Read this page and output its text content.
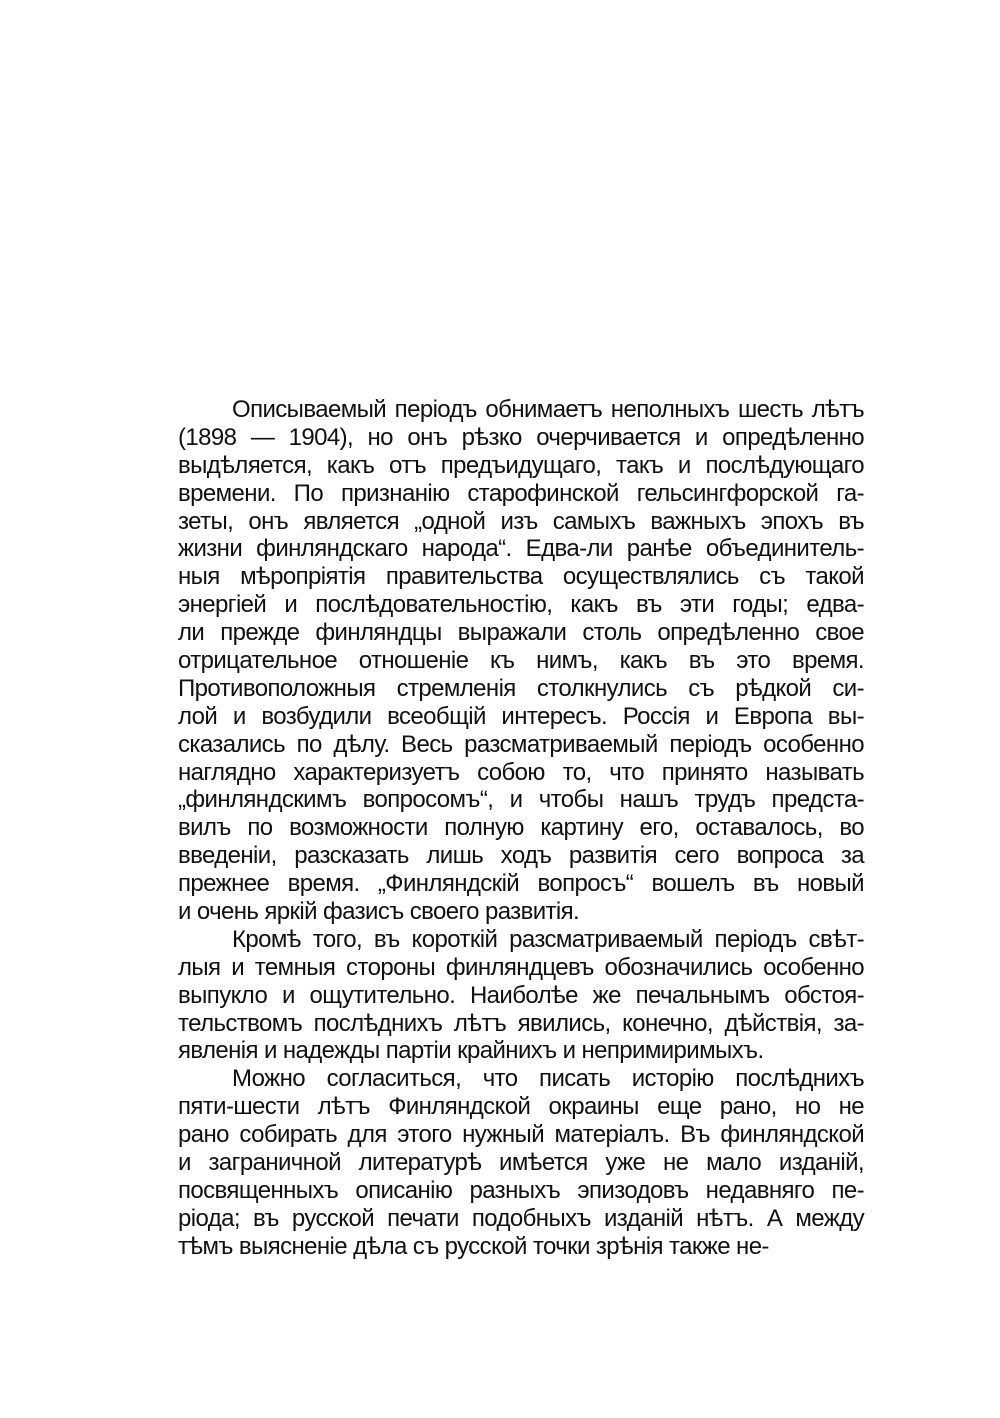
Описываемый періодъ обнимаетъ неполныхъ шесть лѣтъ
(1898 — 1904), но онъ рѣзко очерчивается и опредѣленно
выдѣляется, какъ отъ предъидущаго, такъ и послѣдующаго
времени. По признанію старофинской гельсингфорской га-
зеты, онъ является „одной изъ самыхъ важныхъ эпохъ въ
жизни финляндскаго народа“. Едва-ли ранѣе объединитель-
ныя мѣропріятія правительства осуществлялись съ такой
энергіей и послѣдовательностію, какъ въ эти годы; едва-
ли прежде финляндцы выражали столь опредѣленно свое
отрицательное отношеніе къ нимъ, какъ въ это время.
Противоположныя стремленія столкнулись съ рѣдкой си-
лой и возбудили всеобщій интересъ. Россія и Европа вы-
сказались по дѣлу. Весь разсматриваемый періодъ особенно
наглядно характеризуетъ собою то, что принято называть
„финляндскимъ вопросомъ“, и чтобы нашъ трудъ предста-
вилъ по возможности полную картину его, оставалось, во
введеніи, разсказать лишь ходъ развитія сего вопроса за
прежнее время. „Финляндскій вопросъ“ вошелъ въ новый
и очень яркій фазисъ своего развитія.
Кромѣ того, въ короткій разсматриваемый періодъ свѣт-
лыя и темныя стороны финляндцевъ обозначились особенно
выпукло и ощутительно. Наиболѣе же печальнымъ обстоя-
тельствомъ послѣднихъ лѣтъ явились, конечно, дѣйствія, за-
явленія и надежды партіи крайнихъ и непримиримыхъ.
Можно согласиться, что писать исторію послѣднихъ
пяти-шести лѣтъ Финляндской окраины еще рано, но не
рано собирать для этого нужный матеріалъ. Въ финляндской
и заграничной литературѣ имѣется уже не мало изданій,
посвященныхъ описанію разныхъ эпизодовъ недавняго пе-
ріода; въ русской печати подобныхъ изданій нѣтъ. А между
тѣмъ выясненіе дѣла съ русской точки зрѣнія также не-
